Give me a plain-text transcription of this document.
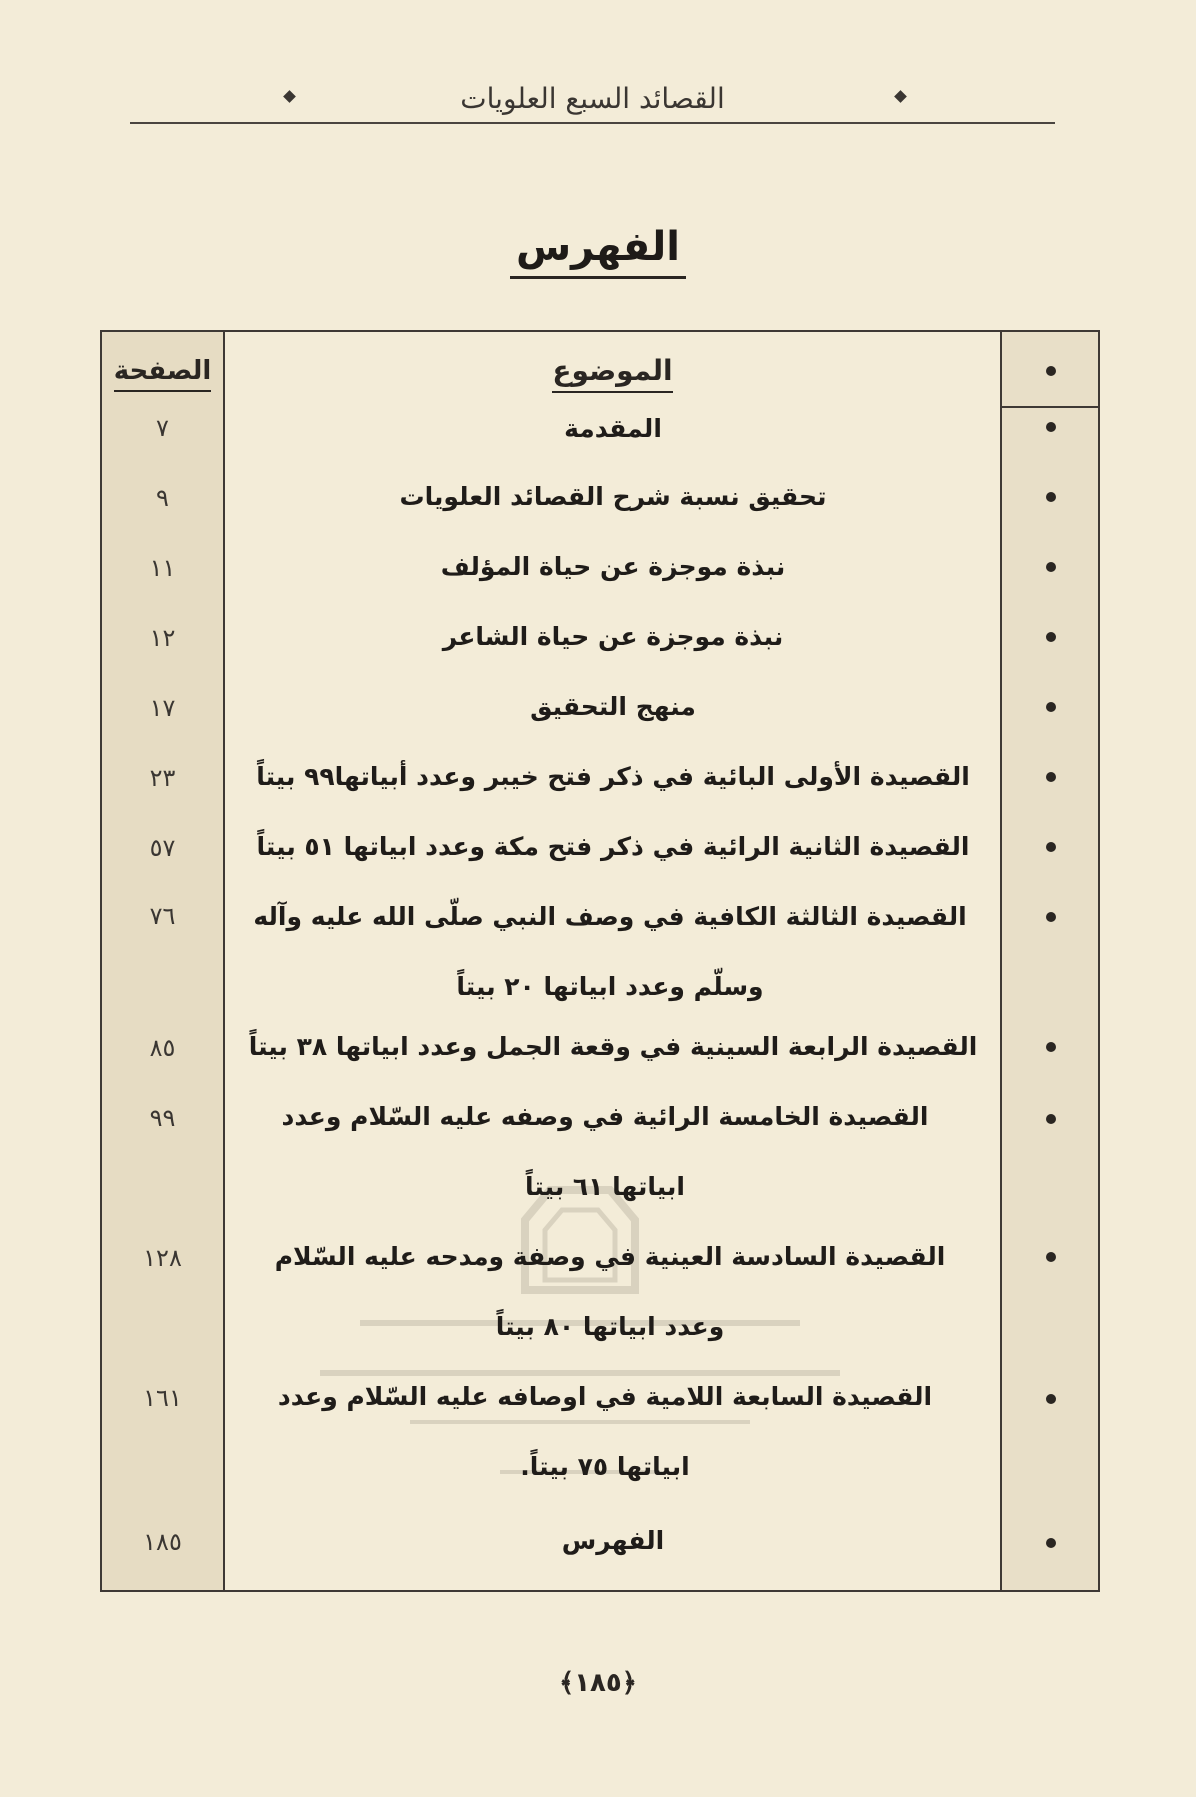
القصائد السبع العلويات
الفهرس
الصفحة	الموضوع
المقدمة
٧
تحقيق نسبة شرح القصائد العلويات
٩
نبذة موجزة عن حياة المؤلف
١١
نبذة موجزة عن حياة الشاعر
١٢
منهج التحقيق
١٧
القصيدة الأولى البائية في ذكر فتح خيبر وعدد أبياتها٩٩ بيتاً
٢٣
القصيدة الثانية الرائية في ذكر فتح مكة وعدد ابياتها ٥١ بيتاً
٥٧
القصيدة الثالثة الكافية في وصف النبي صلّى الله عليه وآله وسلّم وعدد ابياتها ٢٠ بيتاً
٧٦
القصيدة الرابعة السينية في وقعة الجمل وعدد ابياتها ٣٨ بيتاً
٨٥
القصيدة الخامسة الرائية في وصفه عليه السّلام وعدد ابياتها ٦١ بيتاً
٩٩
القصيدة السادسة العينية في وصفة ومدحه عليه السّلام وعدد ابياتها ٨٠ بيتاً
١٢٨
القصيدة السابعة اللامية في اوصافه عليه السّلام وعدد ابياتها ٧٥ بيتاً.
١٦١
الفهرس
١٨٥
﴿١٨٥﴾
